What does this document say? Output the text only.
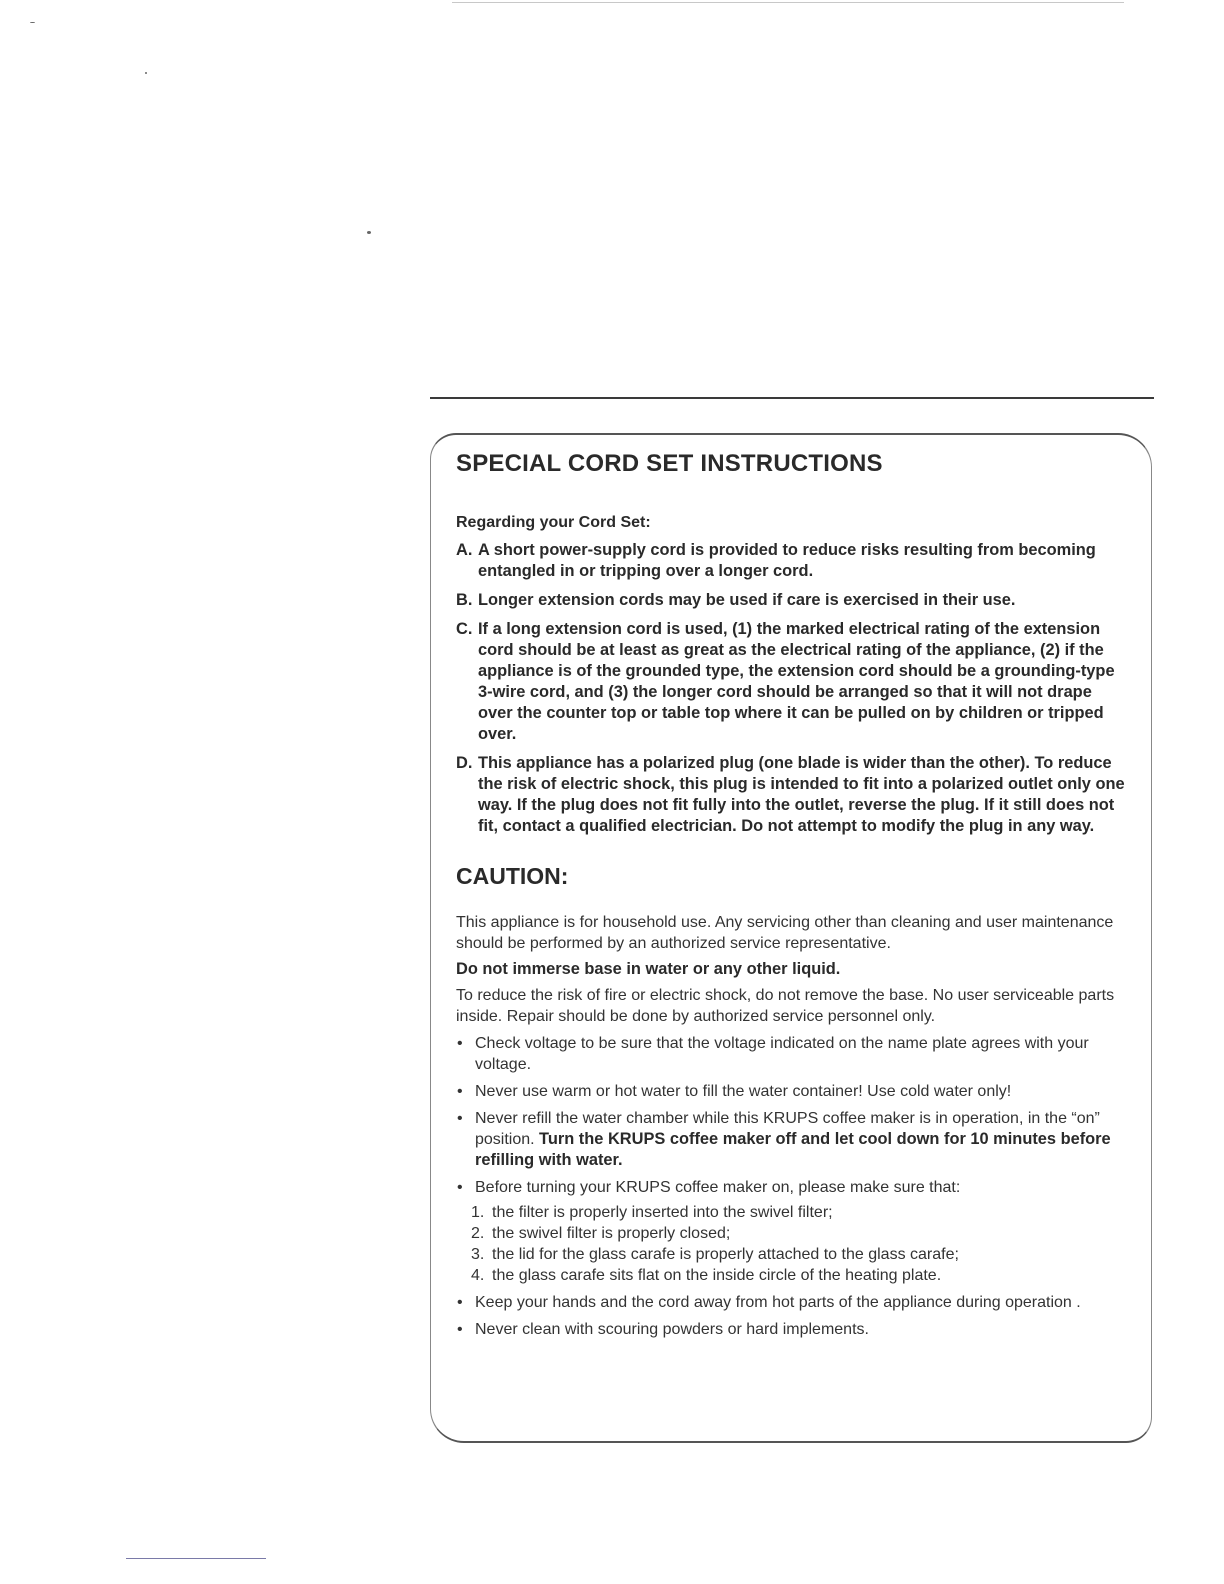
SPECIAL CORD SET INSTRUCTIONS

Regarding your Cord Set:

A. A short power-supply cord is provided to reduce risks resulting from becoming entangled in or tripping over a longer cord.
B. Longer extension cords may be used if care is exercised in their use.
C. If a long extension cord is used, (1) the marked electrical rating of the extension cord should be at least as great as the electrical rating of the appliance, (2) if the appliance is of the grounded type, the extension cord should be a grounding-type 3-wire cord, and (3) the longer cord should be arranged so that it will not drape over the counter top or table top where it can be pulled on by children or tripped over.
D. This appliance has a polarized plug (one blade is wider than the other). To reduce the risk of electric shock, this plug is intended to fit into a polarized outlet only one way. If the plug does not fit fully into the outlet, reverse the plug. If it still does not fit, contact a qualified electrician. Do not attempt to modify the plug in any way.
CAUTION:

This appliance is for household use. Any servicing other than cleaning and user maintenance should be performed by an authorized service representative.

Do not immerse base in water or any other liquid.

To reduce the risk of fire or electric shock, do not remove the base. No user serviceable parts inside. Repair should be done by authorized service personnel only.

• Check voltage to be sure that the voltage indicated on the name plate agrees with your voltage.
• Never use warm or hot water to fill the water container! Use cold water only!
• Never refill the water chamber while this KRUPS coffee maker is in operation, in the “on” position. Turn the KRUPS coffee maker off and let cool down for 10 minutes before refilling with water.
• Before turning your KRUPS coffee maker on, please make sure that:
1. the filter is properly inserted into the swivel filter;
2. the swivel filter is properly closed;
3. the lid for the glass carafe is properly attached to the glass carafe;
4. the glass carafe sits flat on the inside circle of the heating plate.
• Keep your hands and the cord away from hot parts of the appliance during operation .
• Never clean with scouring powders or hard implements.
